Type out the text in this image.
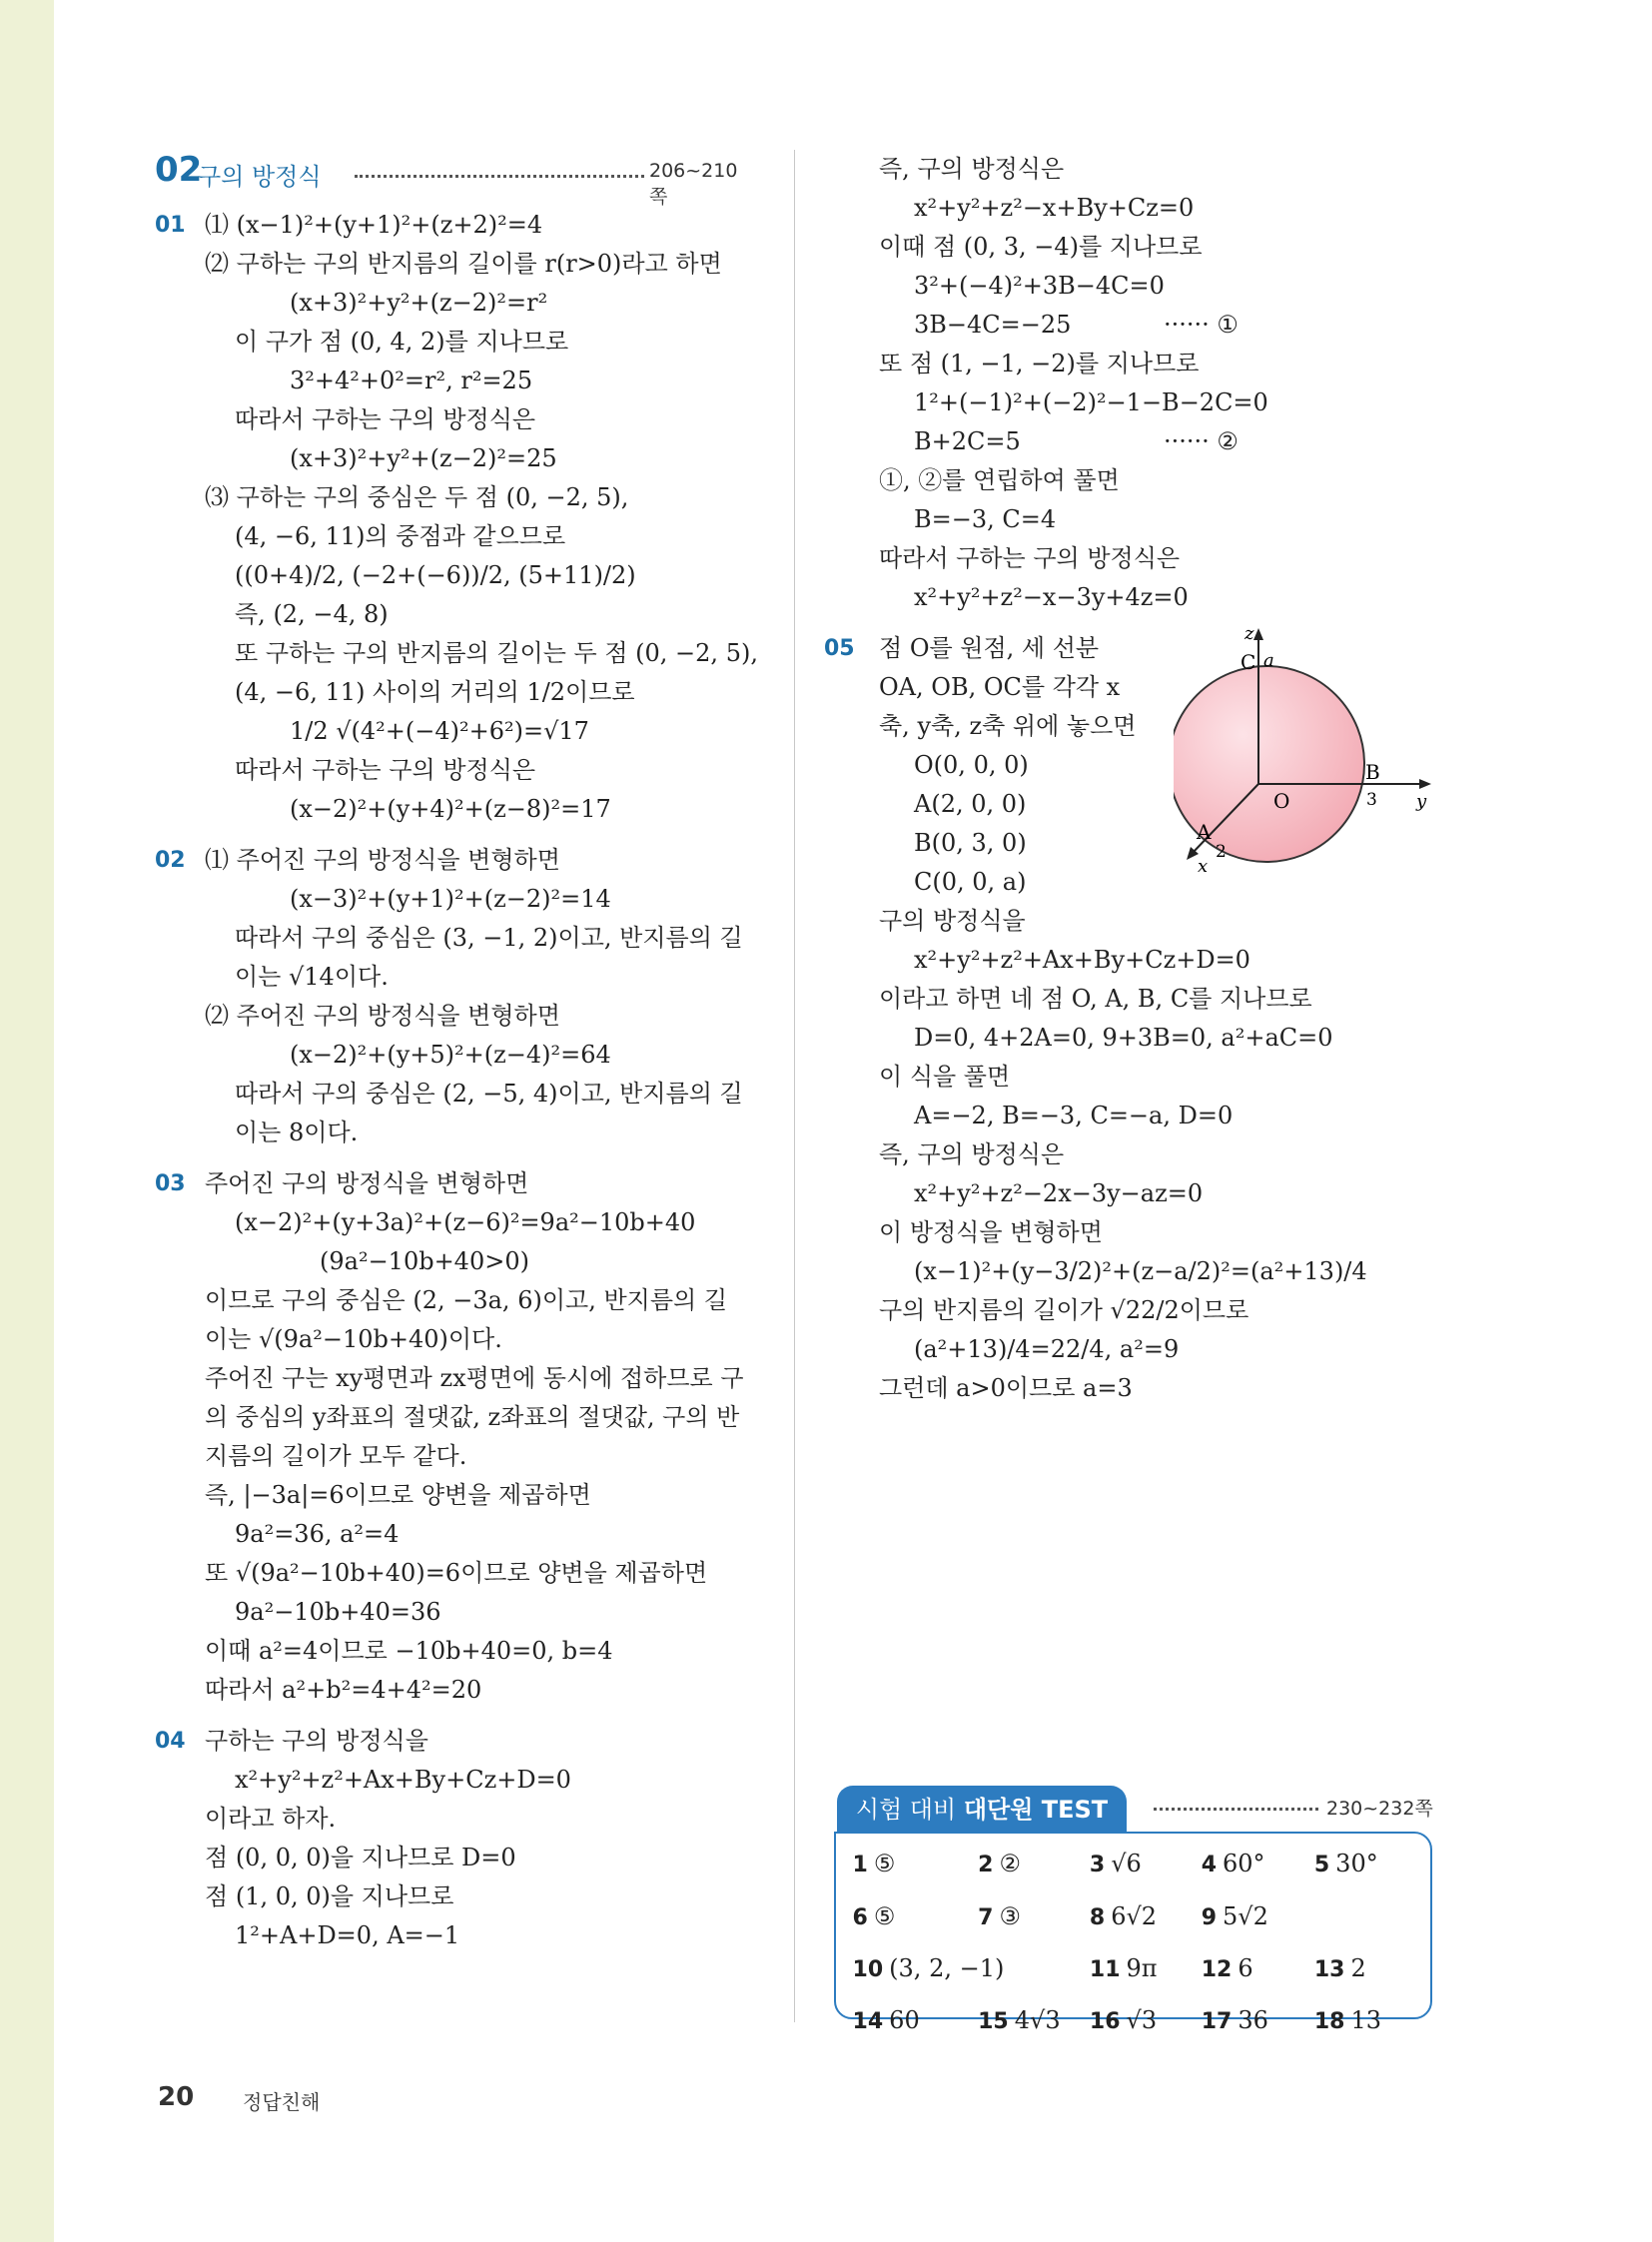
02
구의 방정식	206~210쪽
01 ⑴ (x−1)²+(y+1)²+(z+2)²=4
⑵ 구하는 구의 반지름의 길이를 r(r>0)라고 하면
(x+3)²+y²+(z−2)²=r²
이 구가 점 (0, 4, 2)를 지나므로
3²+4²+0²=r², r²=25
따라서 구하는 구의 방정식은
(x+3)²+y²+(z−2)²=25
⑶ 구하는 구의 중심은 두 점 (0, −2, 5),
(4, −6, 11)의 중점과 같으므로
((0+4)/2, (−2+(−6))/2, (5+11)/2)
즉, (2, −4, 8)
또 구하는 구의 반지름의 길이는 두 점 (0, −2, 5),
(4, −6, 11) 사이의 거리의 1/2이므로
1/2 √(4²+(−4)²+6²)=√17
따라서 구하는 구의 방정식은
(x−2)²+(y+4)²+(z−8)²=17
02 ⑴ 주어진 구의 방정식을 변형하면
(x−3)²+(y+1)²+(z−2)²=14
따라서 구의 중심은 (3, −1, 2)이고, 반지름의 길
이는 √14이다.
⑵ 주어진 구의 방정식을 변형하면
(x−2)²+(y+5)²+(z−4)²=64
따라서 구의 중심은 (2, −5, 4)이고, 반지름의 길
이는 8이다.
03 주어진 구의 방정식을 변형하면
(x−2)²+(y+3a)²+(z−6)²=9a²−10b+40
(9a²−10b+40>0)
이므로 구의 중심은 (2, −3a, 6)이고, 반지름의 길
이는 √(9a²−10b+40)이다.
주어진 구는 xy평면과 zx평면에 동시에 접하므로 구
의 중심의 y좌표의 절댓값, z좌표의 절댓값, 구의 반
지름의 길이가 모두 같다.
즉, |−3a|=6이므로 양변을 제곱하면
9a²=36, a²=4
또 √(9a²−10b+40)=6이므로 양변을 제곱하면
9a²−10b+40=36
이때 a²=4이므로 −10b+40=0, b=4
따라서 a²+b²=4+4²=20
04 구하는 구의 방정식을
x²+y²+z²+Ax+By+Cz+D=0
이라고 하자.
점 (0, 0, 0)을 지나므로 D=0
점 (1, 0, 0)을 지나므로
1²+A+D=0, A=−1
즉, 구의 방정식은
x²+y²+z²−x+By+Cz=0
이때 점 (0, 3, −4)를 지나므로
3²+(−4)²+3B−4C=0
3B−4C=−25	······ ①
또 점 (1, −1, −2)를 지나므로
1²+(−1)²+(−2)²−1−B−2C=0
B+2C=5	······ ②
①, ②를 연립하여 풀면
B=−3, C=4
따라서 구하는 구의 방정식은
x²+y²+z²−x−3y+4z=0
05 점 O를 원점, 세 선분
OA, OB, OC를 각각 x
축, y축, z축 위에 놓으면
O(0, 0, 0)
A(2, 0, 0)
B(0, 3, 0)
C(0, 0, a)
구의 방정식을
x²+y²+z²+Ax+By+Cz+D=0
이라고 하면 네 점 O, A, B, C를 지나므로
D=0, 4+2A=0, 9+3B=0, a²+aC=0
이 식을 풀면
A=−2, B=−3, C=−a, D=0
즉, 구의 방정식은
x²+y²+z²−2x−3y−az=0
이 방정식을 변형하면
(x−1)²+(y−3/2)²+(z−a/2)²=(a²+13)/4
구의 반지름의 길이가 √22/2이므로
(a²+13)/4=22/4, a²=9
그런데 a>0이므로 a=3
z
C a
O
B
3 y
A
2
x
시험 대비 대단원 TEST	230~232쪽
1 ⑤	2 ②	3 √6	4 60° 5 30°
6 ⑤	7 ③	8 6√2 9 5√2
10 (3, 2, −1)	11 9π 12 6	13 2
14 60	15 4√3 16 √3 17 36 18 13
20 정답친해
